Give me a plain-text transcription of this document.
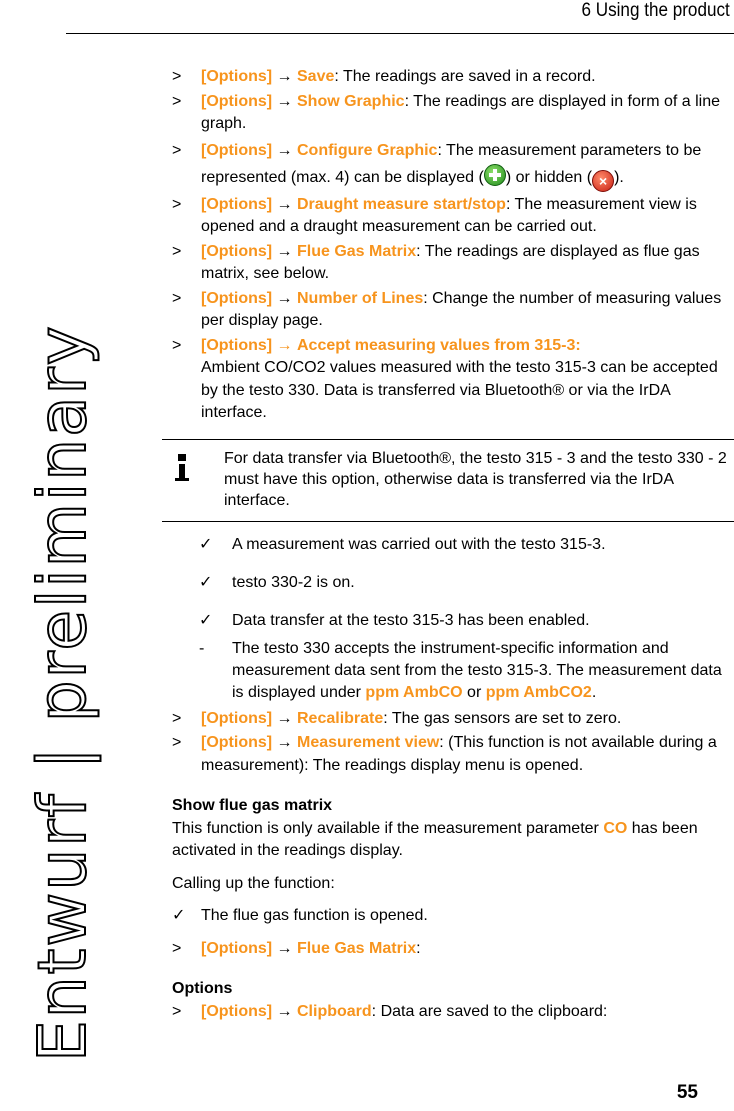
6 Using the product
Entwurf | preliminary
> [Options] → Save: The readings are saved in a record.
> [Options] → Show Graphic: The readings are displayed in form of a line graph.
> [Options] → Configure Graphic: The measurement parameters to be represented (max. 4) can be displayed ( ) or hidden ( × ).
> [Options] → Draught measure start/stop: The measurement view is opened and a draught measurement can be carried out.
> [Options] → Flue Gas Matrix: The readings are displayed as flue gas matrix, see below.
> [Options] → Number of Lines: Change the number of measuring values per display page.
> [Options] → Accept measuring values from 315-3:
Ambient CO/CO2 values measured with the testo 315-3 can be accepted by the testo 330. Data is transferred via Bluetooth® or via the IrDA interface.
For data transfer via Bluetooth®, the testo 315 - 3 and the testo 330 - 2 must have this option, otherwise data is transferred via the IrDA interface.
✓ A measurement was carried out with the testo 315-3.
✓ testo 330-2 is on.
✓ Data transfer at the testo 315-3 has been enabled.
- The testo 330 accepts the instrument-specific information and measurement data sent from the testo 315-3. The measurement data is displayed under ppm AmbCO or ppm AmbCO2.
> [Options] → Recalibrate: The gas sensors are set to zero.
> [Options] → Measurement view: (This function is not available during a measurement): The readings display menu is opened.
Show flue gas matrix

This function is only available if the measurement parameter CO has been activated in the readings display.

Calling up the function:

✓ The flue gas function is opened.
> [Options] → Flue Gas Matrix:
Options
> [Options] → Clipboard: Data are saved to the clipboard:
55
